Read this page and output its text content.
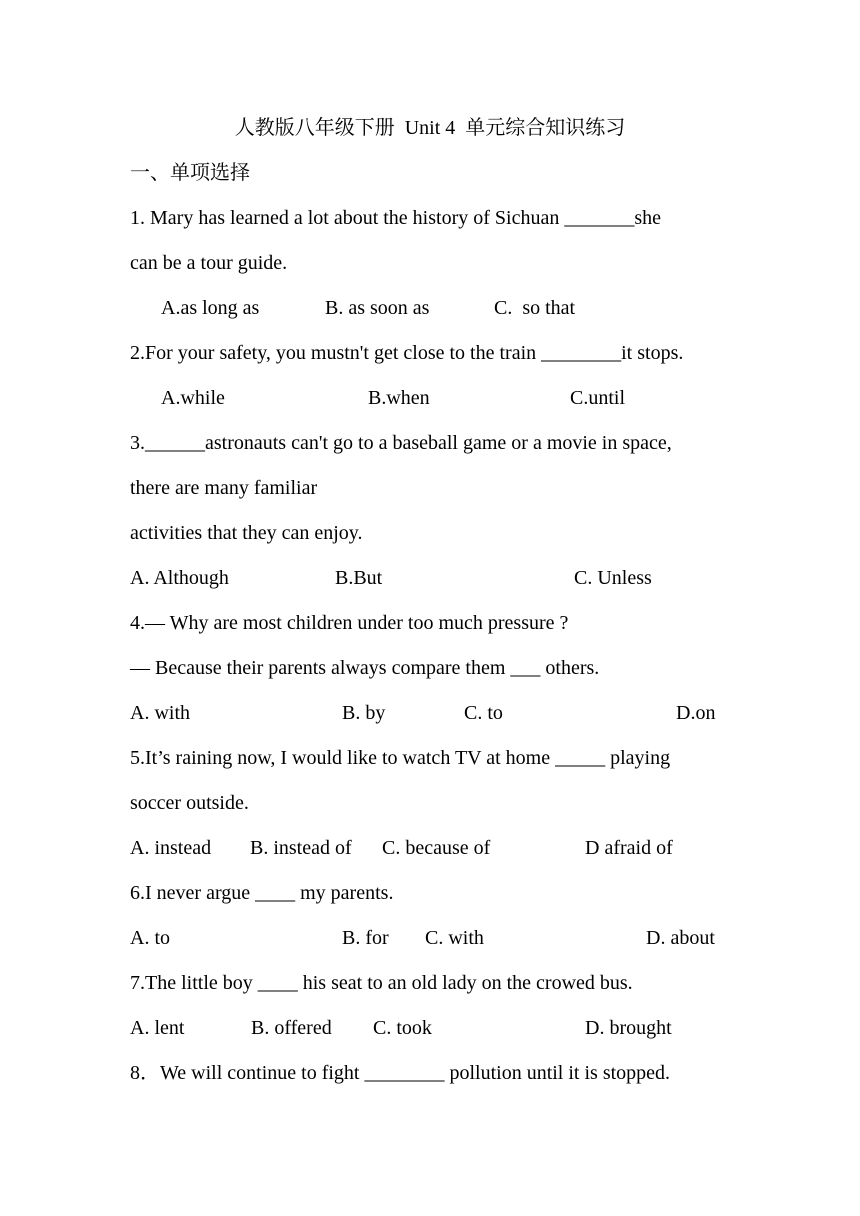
人教版八年级下册  Unit 4  单元综合知识练习
一、单项选择
1. Mary has learned a lot about the history of Sichuan _______she
can be a tour guide.
A.as long as	B. as soon as	C.  so that
2.For your safety, you mustn't get close to the train ________it stops.
A.while	B.when	C.until
3.______astronauts can't go to a baseball game or a movie in space,
there are many familiar
activities that they can enjoy.
A. Although	B.But	C. Unless
4.— Why are most children under too much pressure ?
— Because their parents always compare them ___ others.
A. with	B. by	C. to	D.on
5.It’s raining now, I would like to watch TV at home _____ playing
soccer outside.
A. instead B. instead of C. because of	D afraid of
6.I never argue ____ my parents.
A. to	B. for C. with	D. about
7.The little boy ____ his seat to an old lady on the crowed bus.
A. lent	B. offered C. took	D. brought
8．We will continue to fight ________ pollution until it is stopped.
